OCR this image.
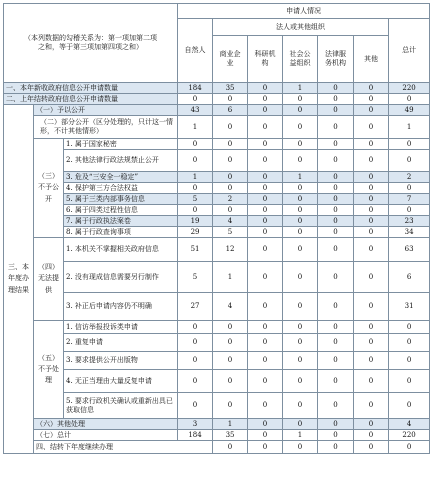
（本列数据的勾稽关系为：第一项加第二项之和，等于第三项加第四项之和）			申请人情况							
			自然人	法人或其他组织					总计	
				商业企业	科研机构	社会公益组织	法律服务机构	其他		
一、本年新收政府信息公开申请数量			184	35	0	1	0	0	220	
二、上年结转政府信息公开申请数量			0	0	0	0	0	0	0	
三、本年度办理结果	（一）予以公开		43	6	0	0	0	0	49	
	（二）部分公开（区分处理的，只计这一情形，不计其他情形）		1	0	0	0	0	0	1	
	（三）不予公开	1. 属于国家秘密	0	0	0	0	0	0	0	
		2. 其他法律行政法规禁止公开	0	0	0	0	0	0	0	
		3. 危及“三安全一稳定”	1	0	0	1	0	0	2	
		4. 保护第三方合法权益	0	0	0	0	0	0	0	
		5. 属于三类内部事务信息	5	2	0	0	0	0	7	
		6. 属于四类过程性信息	0	0	0	0	0	0	0	
		7. 属于行政执法案卷	19	4	0	0	0	0	23	
		8. 属于行政查询事项	29	5	0	0	0	0	34	
	（四）无法提供	1. 本机关不掌握相关政府信息	51	12	0	0	0	0	63	
		2. 没有现成信息需要另行制作	5	1	0	0	0	0	6	
		3. 补正后申请内容仍不明确	27	4	0	0	0	0	31	
	（五）不予处理	1. 信访举报投诉类申请	0	0	0	0	0	0	0	
		2. 重复申请	0	0	0	0	0	0	0	
		3. 要求提供公开出版物	0	0	0	0	0	0	0	
		4. 无正当理由大量反复申请	0	0	0	0	0	0	0	
		5. 要求行政机关确认或重新出具已获取信息	0	0	0	0	0	0	0	
	（六）其他处理		3	1	0	0	0	0	4	
	（七）总计		184	35	0	1	0	0	220	
	四、结转下年度继续办理			0	0	0	0	0	0	
